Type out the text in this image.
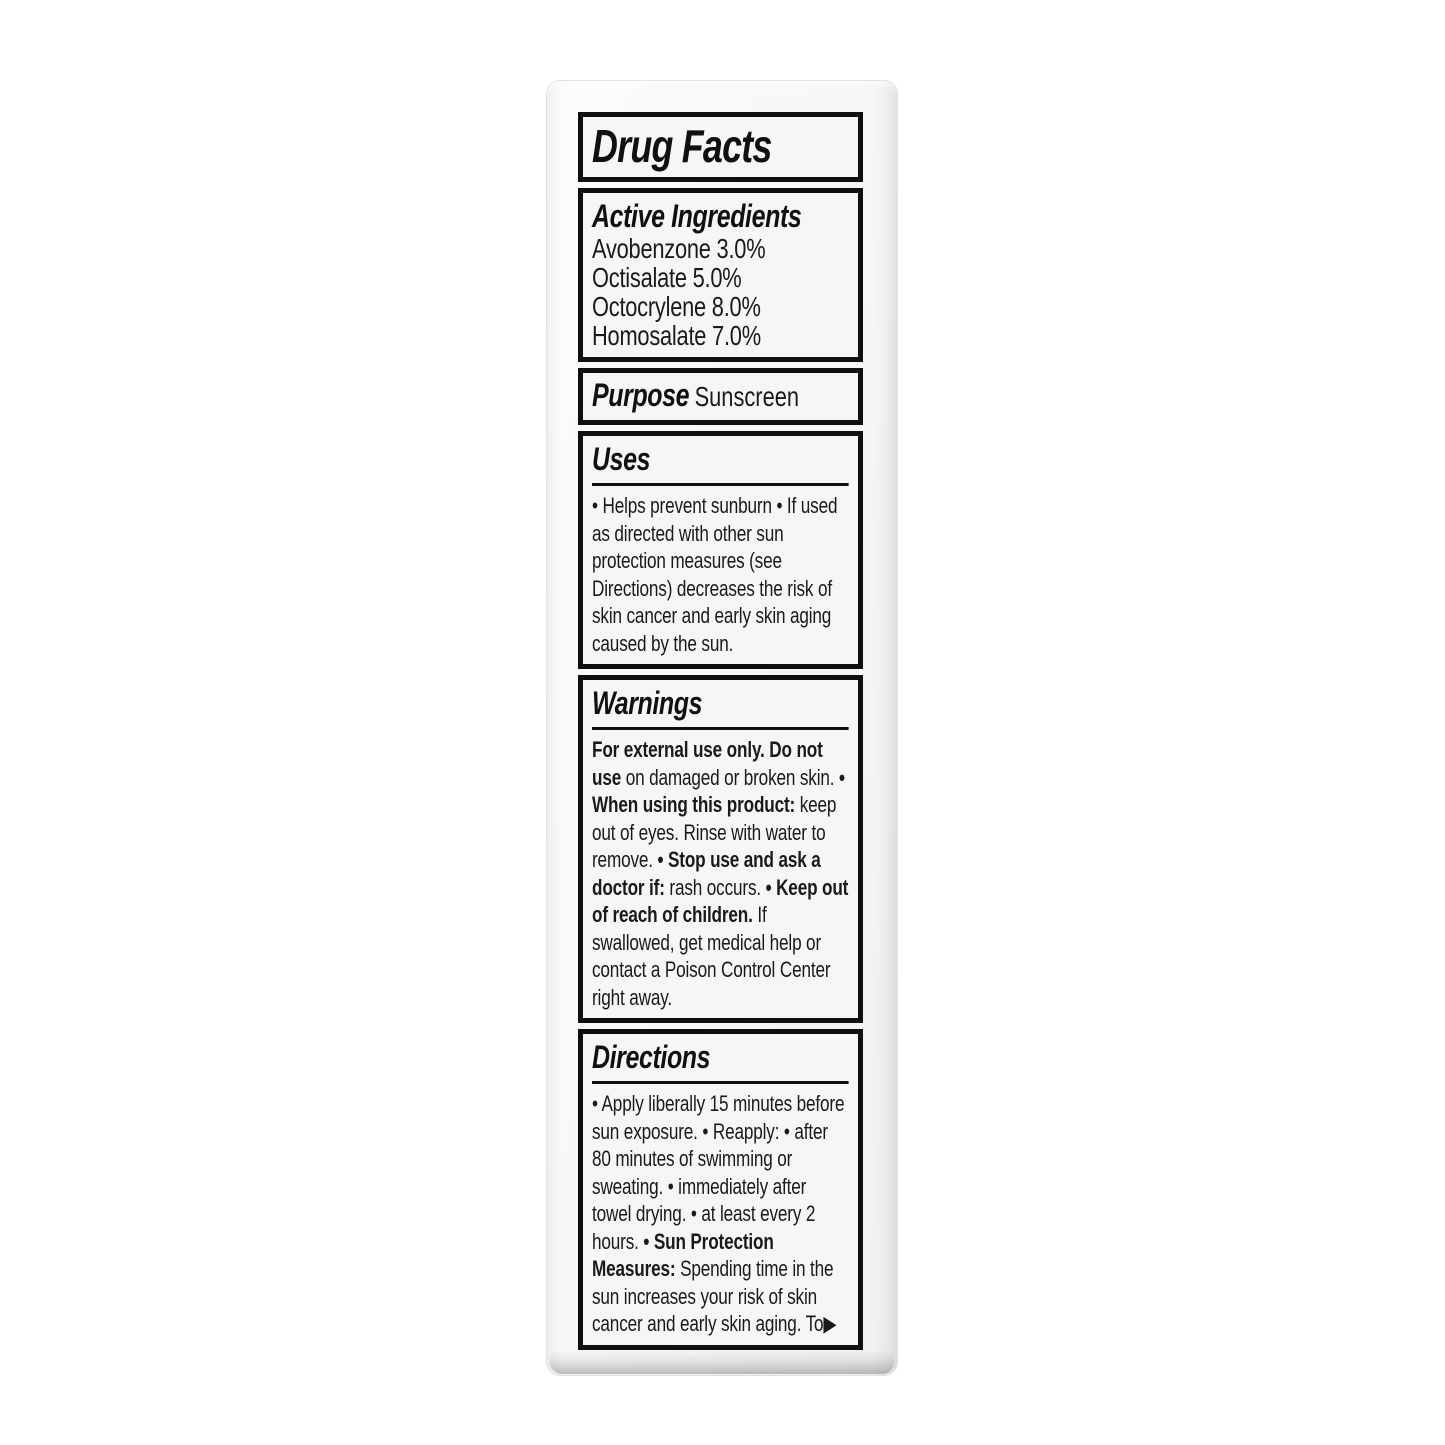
Drug Facts
Active Ingredients
Avobenzone 3.0%
Octisalate 5.0%
Octocrylene 8.0%
Homosalate 7.0%
Purpose Sunscreen
Uses

• Helps prevent sunburn • If used as directed with other sun protection measures (see Directions) decreases the risk of skin cancer and early skin aging caused by the sun.

Warnings

For external use only. Do not use on damaged or broken skin. • When using this product: keep out of eyes. Rinse with water to remove. • Stop use and ask a doctor if: rash occurs. • Keep out of reach of children. If swallowed, get medical help or contact a Poison Control Center right away.

Directions

• Apply liberally 15 minutes before sun exposure. • Reapply: • after 80 minutes of swimming or sweating. • immediately after towel drying. • at least every 2 hours. • Sun Protection Measures: Spending time in the sun increases your risk of skin cancer and early skin aging. To▶
